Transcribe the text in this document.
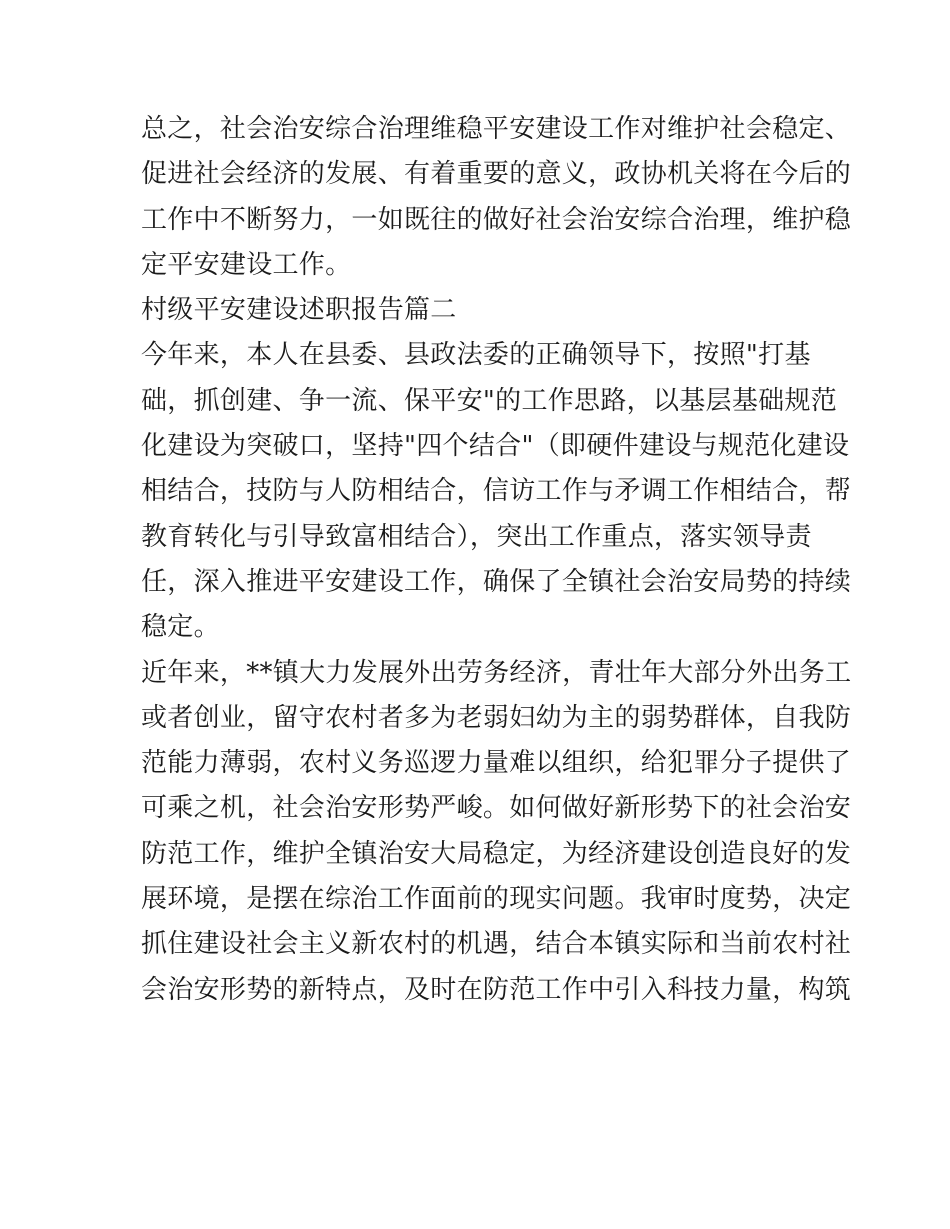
总之，社会治安综合治理维稳平安建设工作对维护社会稳定、
促进社会经济的发展、有着重要的意义，政协机关将在今后的
工作中不断努力，一如既往的做好社会治安综合治理，维护稳
定平安建设工作。
村级平安建设述职报告篇二
今年来，本人在县委、县政法委的正确领导下，按照"打基
础，抓创建、争一流、保平安"的工作思路，以基层基础规范
化建设为突破口，坚持"四个结合"（即硬件建设与规范化建设
相结合，技防与人防相结合，信访工作与矛调工作相结合，帮
教育转化与引导致富相结合），突出工作重点，落实领导责
任，深入推进平安建设工作，确保了全镇社会治安局势的持续
稳定。
近年来，**镇大力发展外出劳务经济，青壮年大部分外出务工
或者创业，留守农村者多为老弱妇幼为主的弱势群体，自我防
范能力薄弱，农村义务巡逻力量难以组织，给犯罪分子提供了
可乘之机，社会治安形势严峻。如何做好新形势下的社会治安
防范工作，维护全镇治安大局稳定，为经济建设创造良好的发
展环境，是摆在综治工作面前的现实问题。我审时度势，决定
抓住建设社会主义新农村的机遇，结合本镇实际和当前农村社
会治安形势的新特点，及时在防范工作中引入科技力量，构筑
